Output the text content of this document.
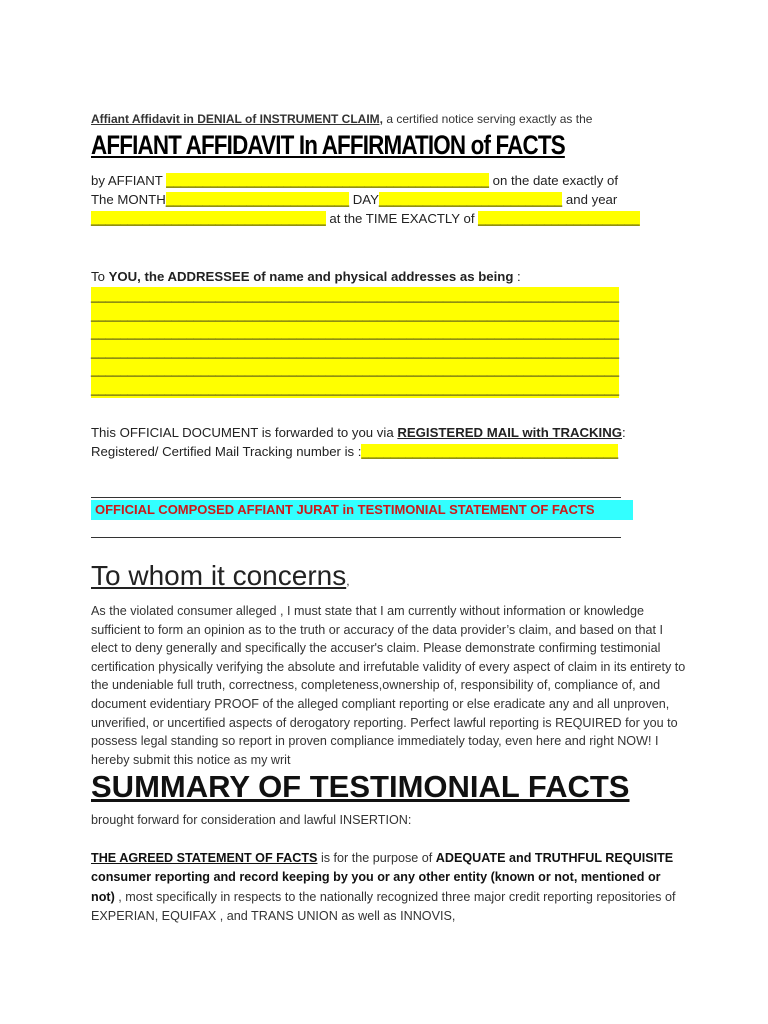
Affiant Affidavit in DENIAL of INSTRUMENT CLAIM, a certified notice serving exactly as the
AFFIANT AFFIDAVIT In AFFIRMATION of FACTS
by AFFIANT ____________________________________________ on the date exactly of
The MONTH_________________________ DAY_________________________ and year
________________________________ at the TIME EXACTLY of ______________________
To YOU, the ADDRESSEE of name and physical addresses as being :
________________________________________________________________________
________________________________________________________________________
________________________________________________________________________
________________________________________________________________________
________________________________________________________________________
________________________________________________________________________
This OFFICIAL DOCUMENT is forwarded to you via REGISTERED MAIL with TRACKING:
Registered/ Certified Mail Tracking number is :___________________________________
OFFICIAL COMPOSED AFFIANT JURAT in TESTIMONIAL STATEMENT OF FACTS
To whom it concerns,
As the violated consumer alleged , I must state that I am currently without information or knowledge sufficient to form an opinion as to the truth or accuracy of the data provider’s claim, and based on that I elect to deny generally and specifically the accuser's claim. Please demonstrate confirming testimonial certification physically verifying the absolute and irrefutable validity of every aspect of claim in its entirety to the undeniable full truth, correctness, completeness,ownership of, responsibility of, compliance of, and document evidentiary PROOF of the alleged compliant reporting or else eradicate any and all unproven, unverified, or uncertified aspects of derogatory reporting. Perfect lawful reporting is REQUIRED for you to possess legal standing so report in proven compliance immediately today, even here and right NOW! I hereby submit this notice as my writ
SUMMARY OF TESTIMONIAL FACTS
brought forward for consideration and lawful INSERTION:
THE AGREED STATEMENT OF FACTS is for the purpose of ADEQUATE and TRUTHFUL REQUISITE consumer reporting and record keeping by you or any other entity (known or not, mentioned or not) , most specifically in respects to the nationally recognized three major credit reporting repositories of EXPERIAN, EQUIFAX , and TRANS UNION as well as INNOVIS,
